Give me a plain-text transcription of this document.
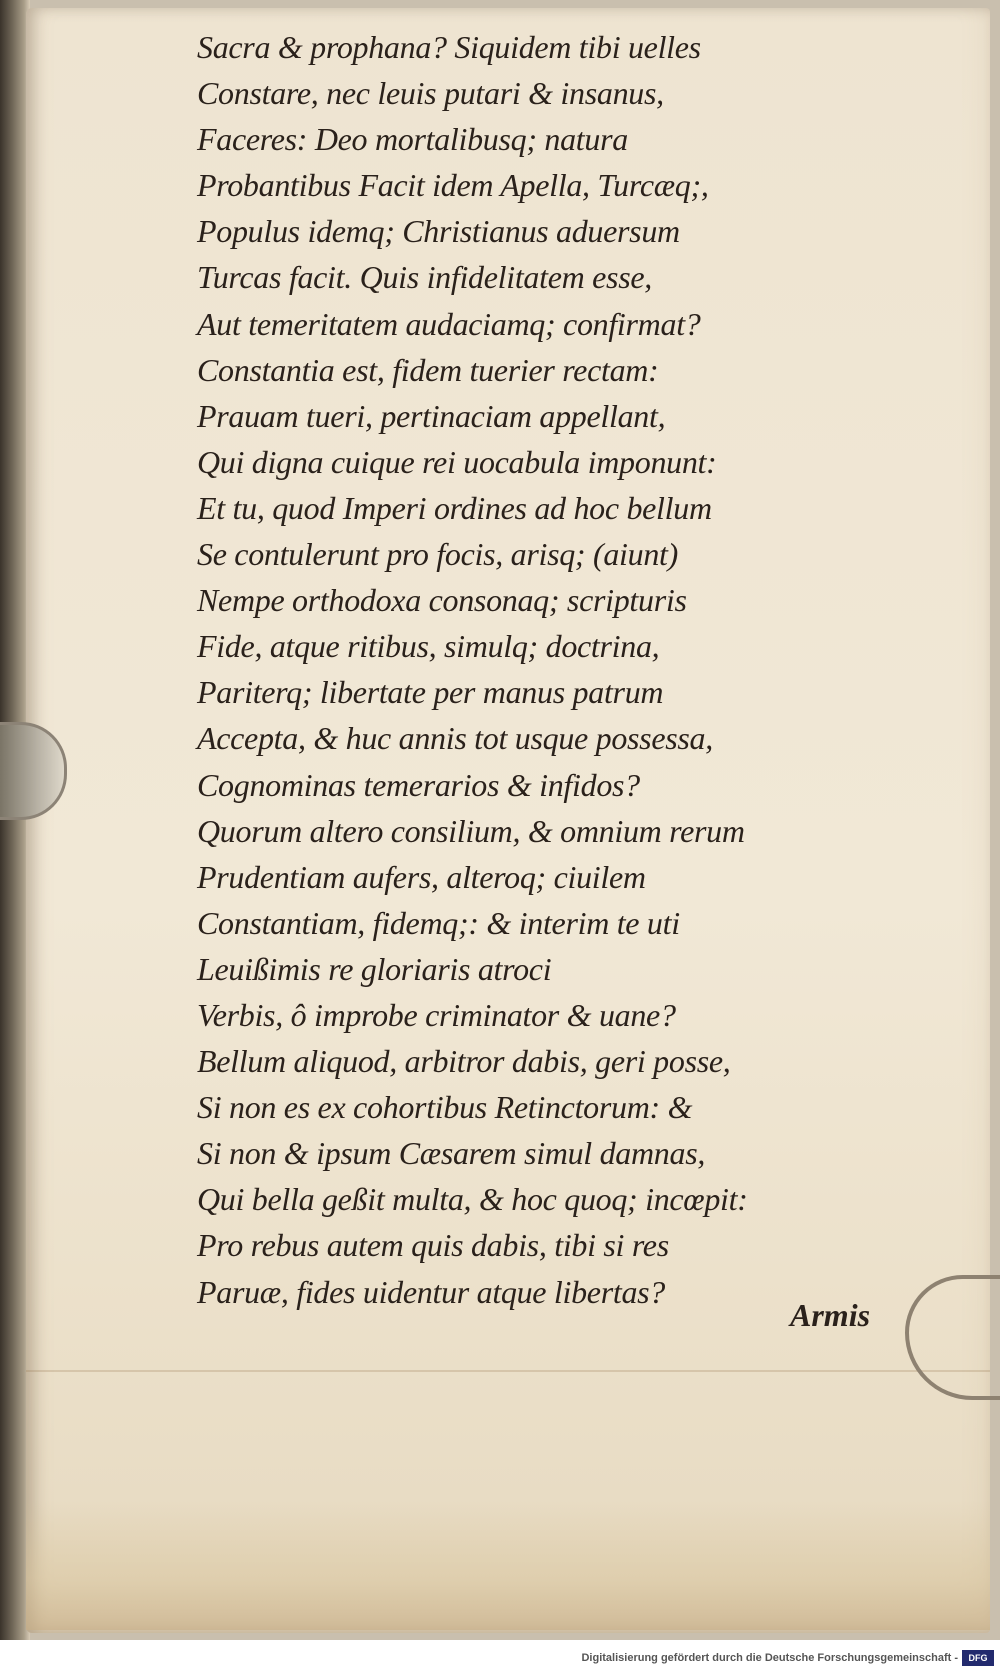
Sacra & prophana? Siquidem tibi uelles
Constare, nec leuis putari & insanus,
Faceres: Deo mortalibusq; natura
Probantibus Facit idem Apella, Turcæq;,
Populus idemq; Christianus aduersum
Turcas facit. Quis infidelitatem esse,
Aut temeritatem audaciamq; confirmat?
Constantia est, fidem tuerier rectam:
Prauam tueri, pertinaciam appellant,
Qui digna cuique rei uocabula imponunt:
Et tu, quod Imperi ordines ad hoc bellum
Se contulerunt pro focis, arisq; (aiunt)
Nempe orthodoxa consonaq; scripturis
Fide, atque ritibus, simulq; doctrina,
Pariterq; libertate per manus patrum
Accepta, & huc annis tot usque possessa,
Cognominas temerarios & infidos?
Quorum altero consilium, & omnium rerum
Prudentiam aufers, alteroq; ciuilem
Constantiam, fidemq;: & interim te uti
Leuißimis re gloriaris atroci
Verbis, ô improbe criminator & uane?
Bellum aliquod, arbitror dabis, geri posse,
Si non es ex cohortibus Retinctorum: &
Si non & ipsum Cæsarem simul damnas,
Qui bella geßit multa, & hoc quoq; incœpit:
Pro rebus autem quis dabis, tibi si res
Paruæ, fides uidentur atque libertas?
Armis
Digitalisierung gefördert durch die Deutsche Forschungsgemeinschaft -	DFG
